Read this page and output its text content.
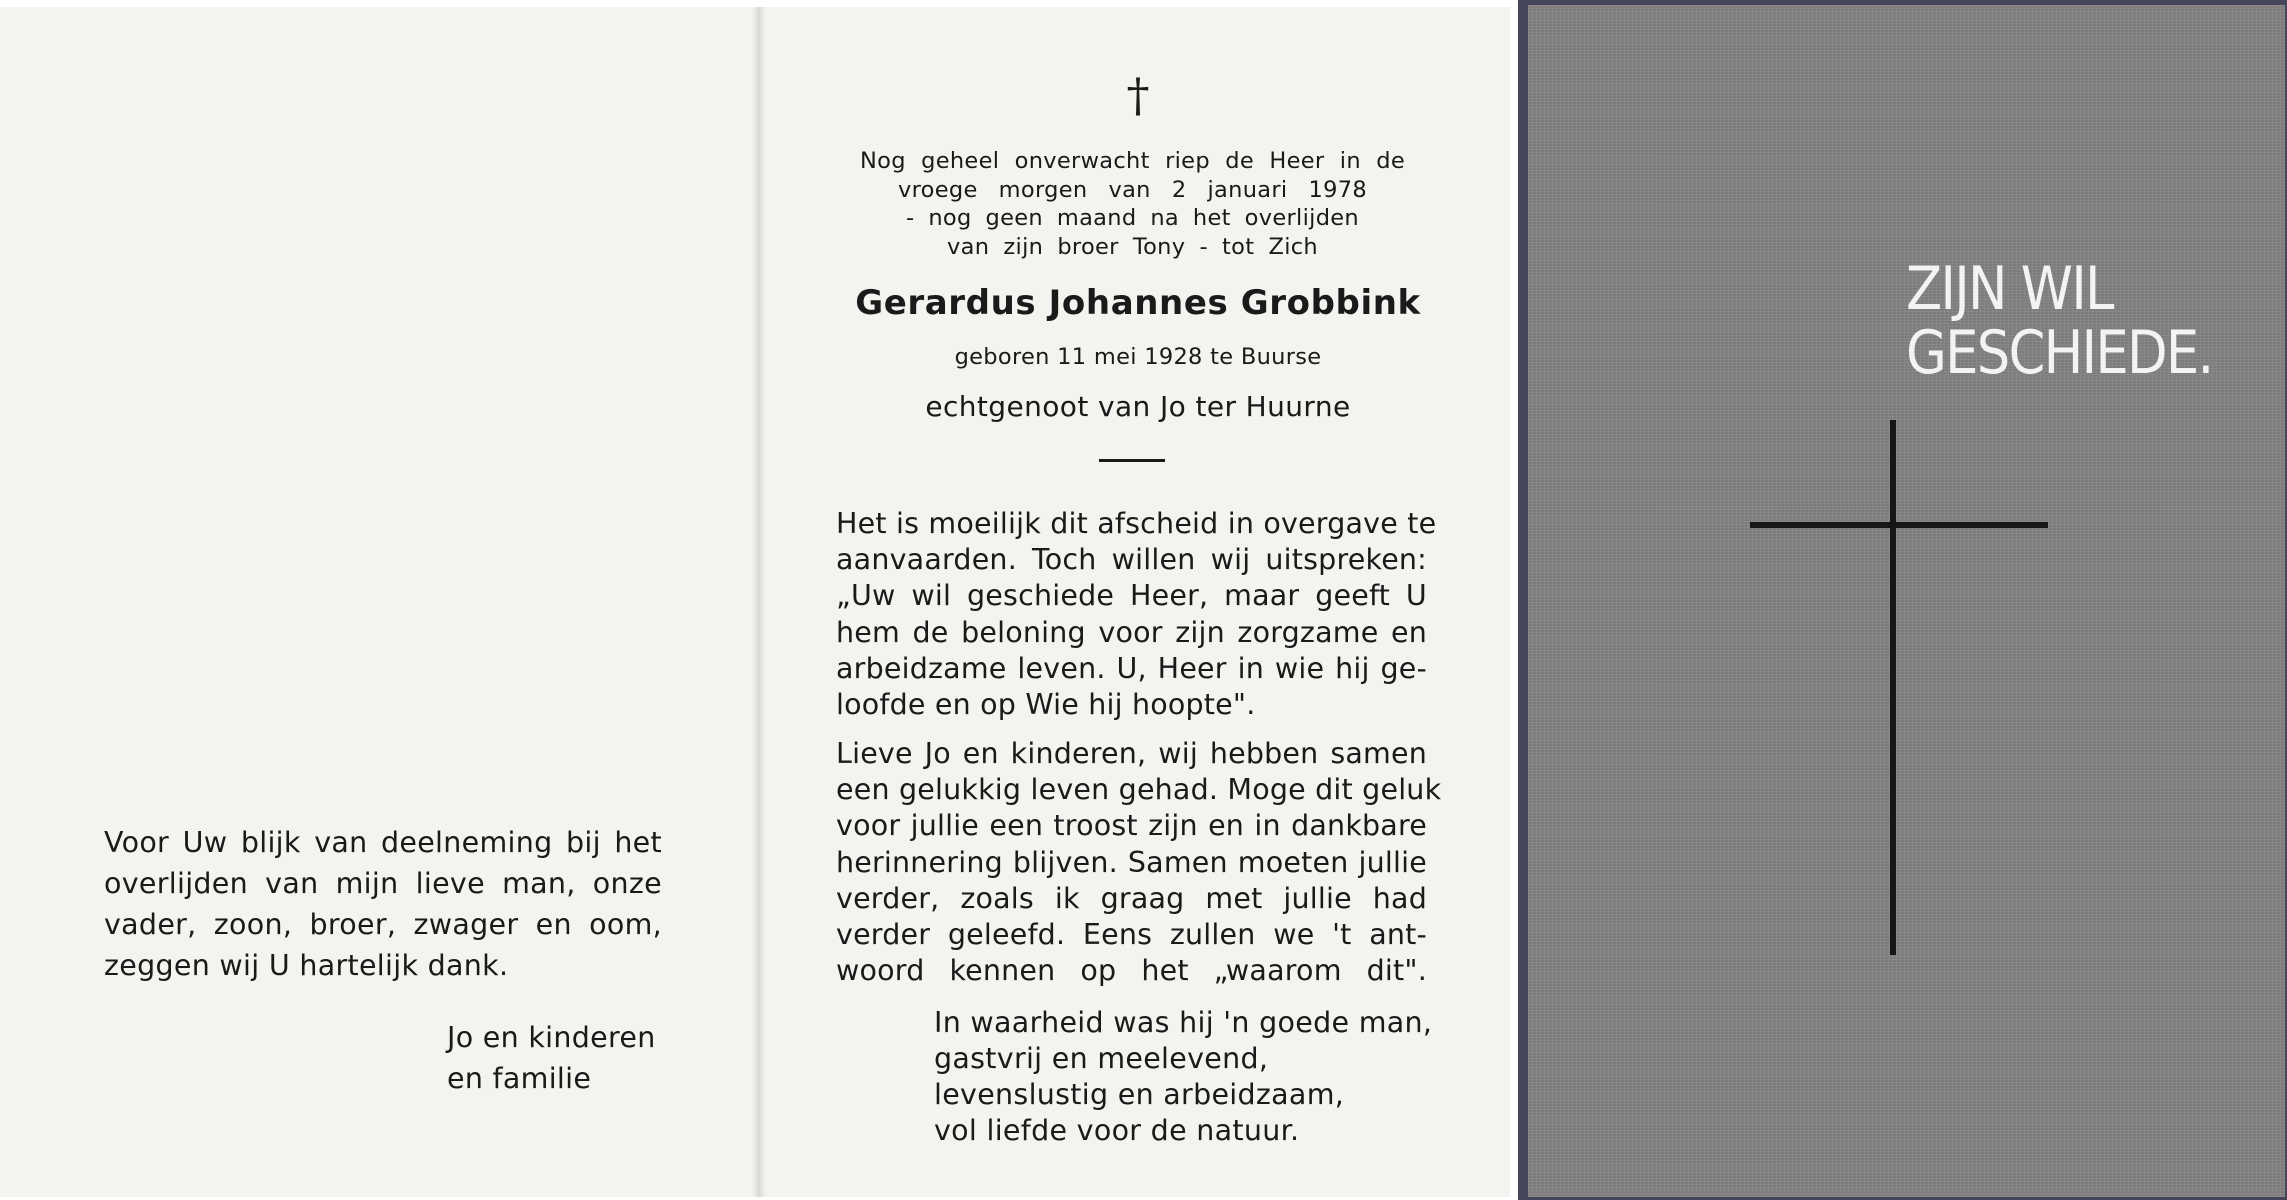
Voor Uw blijk van deelneming bij het
overlijden van mijn lieve man, onze
vader, zoon, broer, zwager en oom,
zeggen wij U hartelijk dank.
Jo en kinderen
en familie
†
Nog geheel onverwacht riep de Heer in de
vroege morgen van 2 januari 1978
- nog geen maand na het overlijden
van zijn broer Tony - tot Zich
Gerardus Johannes Grobbink
geboren 11 mei 1928 te Buurse
echtgenoot van Jo ter Huurne
Het is moeilijk dit afscheid in overgave te
aanvaarden. Toch willen wij uitspreken:
„Uw wil geschiede Heer, maar geeft U
hem de beloning voor zijn zorgzame en
arbeidzame leven. U, Heer in wie hij ge-
loofde en op Wie hij hoopte".
Lieve Jo en kinderen, wij hebben samen
een gelukkig leven gehad. Moge dit geluk
voor jullie een troost zijn en in dankbare
herinnering blijven. Samen moeten jullie
verder, zoals ik graag met jullie had
verder geleefd. Eens zullen we 't ant-
woord kennen op het „waarom dit".
In waarheid was hij 'n goede man,
gastvrij en meelevend,
levenslustig en arbeidzaam,
vol liefde voor de natuur.
ZIJN WIL
GESCHIEDE.
